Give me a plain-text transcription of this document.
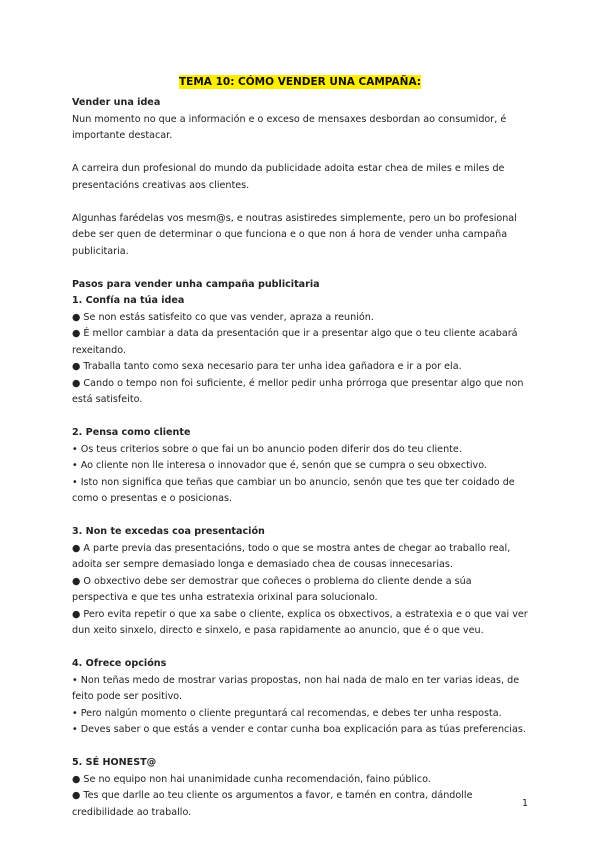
TEMA 10: CÓMO VENDER UNA CAMPAÑA:

Vender una idea

Nun momento no que a información e o exceso de mensaxes desbordan ao consumidor, é importante destacar.

A carreira dun profesional do mundo da publicidade adoita estar chea de miles e miles de presentacións creativas aos clientes.

Algunhas farédelas vos mesm@s, e noutras asistiredes simplemente, pero un bo profesional debe ser quen de determinar o que funciona e o que non á hora de vender unha campaña publicitaria.

Pasos para vender unha campaña publicitaria

1. Confía na túa idea

● Se non estás satisfeito co que vas vender, apraza a reunión.

● É mellor cambiar a data da presentación que ir a presentar algo que o teu cliente acabará rexeitando.

● Traballa tanto como sexa necesario para ter unha idea gañadora e ir a por ela.

● Cando o tempo non foi suficiente, é mellor pedir unha prórroga que presentar algo que non está satisfeito.

2. Pensa como cliente

• Os teus criterios sobre o que fai un bo anuncio poden diferir dos do teu cliente.

• Ao cliente non lle interesa o innovador que é, senón que se cumpra o seu obxectivo.

• Isto non significa que teñas que cambiar un bo anuncio, senón que tes que ter coidado de como o presentas e o posicionas.

3. Non te excedas coa presentación

● A parte previa das presentacións, todo o que se mostra antes de chegar ao traballo real, adoita ser sempre demasiado longa e demasiado chea de cousas innecesarias.

● O obxectivo debe ser demostrar que coñeces o problema do cliente dende a súa perspectiva e que tes unha estratexia orixinal para solucionalo.

● Pero evita repetir o que xa sabe o cliente, explica os obxectivos, a estratexia e o que vai ver dun xeito sinxelo, directo e sinxelo, e pasa rapidamente ao anuncio, que é o que veu.

4. Ofrece opcións

• Non teñas medo de mostrar varias propostas, non hai nada de malo en ter varias ideas, de feito pode ser positivo.

• Pero nalgún momento o cliente preguntará cal recomendas, e debes ter unha resposta.

• Deves saber o que estás a vender e contar cunha boa explicación para as túas preferencias.

5. SÉ HONEST@

● Se no equipo non hai unanimidade cunha recomendación, faino público.

● Tes que darlle ao teu cliente os argumentos a favor, e tamén en contra, dándolle credibilidade ao traballo.

1
